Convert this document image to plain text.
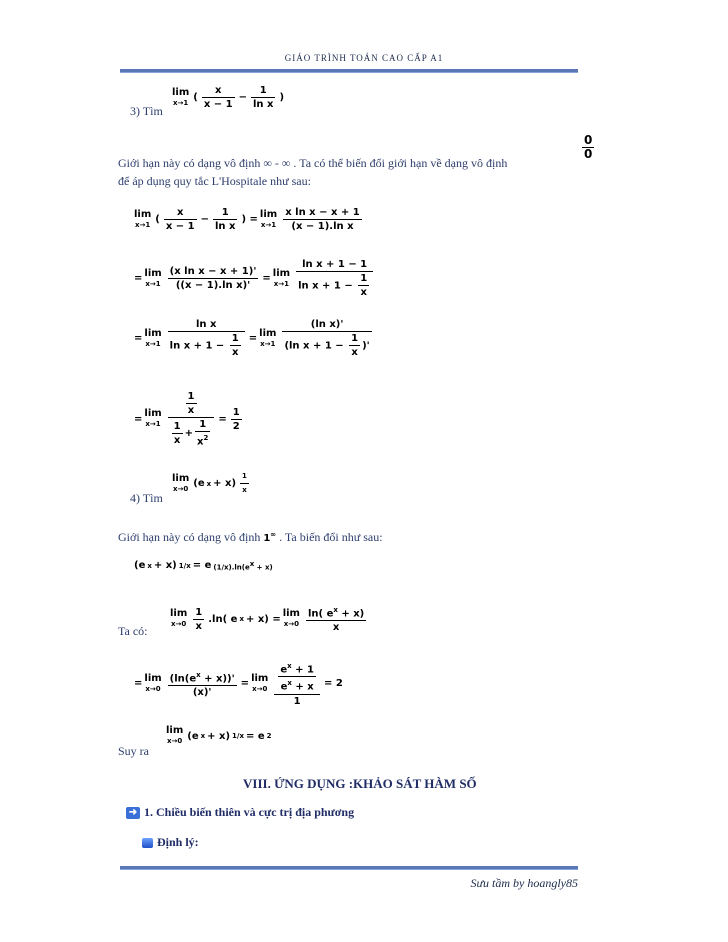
GIÁO TRÌNH TOÁN CAO CẤP A1
3) Tìm
lim
x→1 ( $\frac{x}{x - 1} - \frac{1}{\text{ln x}}$ )
$\frac{0}{0}$
Giới hạn này có dạng vô định ∞ - ∞ . Ta có thể biến đổi giới hạn về dạng vô định
để áp dụng quy tắc L'Hospitale như sau:
lim
x→1 ( $\frac{x}{x - 1} - \frac{1}{\text{ln x}}$ ) = lim
$x\to 1 \frac{\text{x ln x − x + 1}}{\text{(x − 1).ln x}}$
= lim
$x\to 1 \frac{\text{(x ln x − x + 1)'}}{\text{((x − 1).ln x)'}} = \lim$
$x\to 1 \frac{\text{ln x + 1 − 1}}{\ln x + 1 - \frac{1}{x}}$
= lim
$x\to 1 \frac{\text{ln x}}{\ln x + 1 - \frac{1}{x}} = \lim$
$x\to 1 \frac{\text{(ln x)'}}{(\ln x + 1 - \frac{1}{x} )'}$
= lim
$x\to 1 \frac{\frac{1}{x}}{\frac{1}{x} + \frac{1}{x^2}} = \frac{1}{2}$
4) Tìm
lim
x→0 (e $x + x) \frac{1}{x}$
Giới hạn này có dạng vô định 1∞ . Ta biến đổi như sau:
(e x + x) 1/x = e $(1/x).\ln(e^x + x)$
Ta có:
lim
$x\to 0 \frac{1}{x} .\ln$( e x + x) = lim
$x\to 0 \frac{\ln( e^x + x)}{x}$
= lim
$x\to 0 \frac{(\ln(e^x + x))'}{(x)'} = \lim$
$x\to 0 \frac{\frac{e^x + 1}{e^x + x}}{1} = 2$
Suy ra
lim
x→0 (e x + x) 1/x = e 2
VIII. ỨNG DỤNG :KHẢO SÁT HÀM SỐ
➜ 1. Chiều biến thiên và cực trị địa phương
Định lý:
Sưu tầm by hoangly85
